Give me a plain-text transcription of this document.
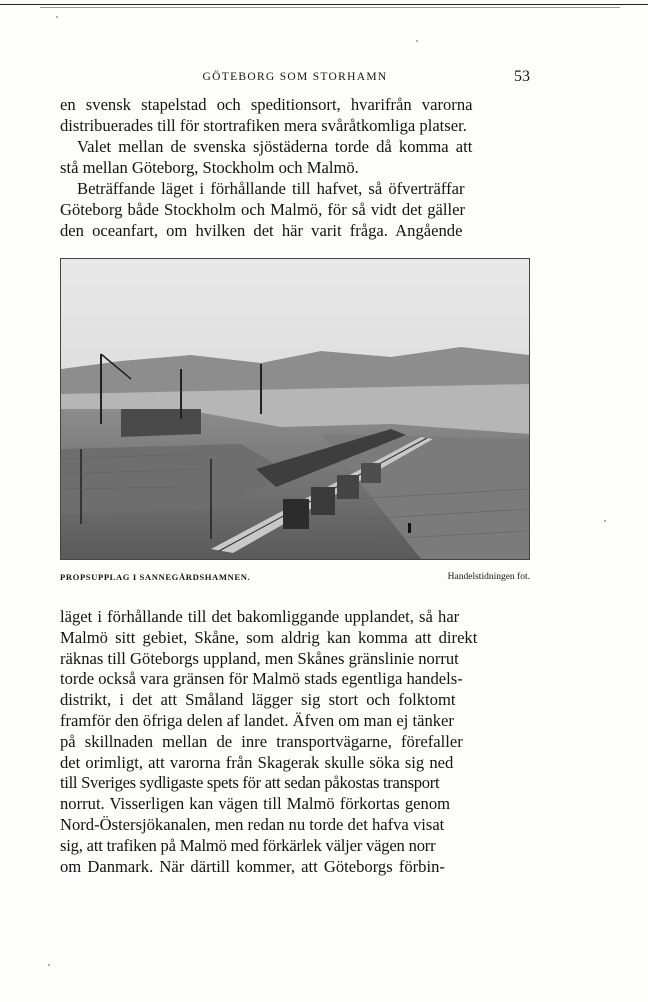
GÖTEBORG SOM STORHAMN	53

en svensk stapelstad och speditionsort, hvarifrån varorna
distribuerades till för stortrafiken mera svåråtkomliga platser.

Valet mellan de svenska sjöstäderna torde då komma att
stå mellan Göteborg, Stockholm och Malmö.

Beträffande läget i förhållande till hafvet, så öfverträffar
Göteborg både Stockholm och Malmö, för så vidt det gäller
den oceanfart, om hvilken det här varit fråga. Angående

PROPSUPPLAG I SANNEGÅRDSHAMNEN.	Handelstidningen fot.

läget i förhållande till det bakomliggande upplandet, så har
Malmö sitt gebiet, Skåne, som aldrig kan komma att direkt
räknas till Göteborgs uppland, men Skånes gränslinie norrut
torde också vara gränsen för Malmö stads egentliga handels-
distrikt, i det att Småland lägger sig stort och folktomt
framför den öfriga delen af landet. Äfven om man ej tänker
på skillnaden mellan de inre transportvägarne, förefaller
det orimligt, att varorna från Skagerak skulle söka sig ned
till Sveriges sydligaste spets för att sedan påkostas transport
norrut. Visserligen kan vägen till Malmö förkortas genom
Nord-Östersjökanalen, men redan nu torde det hafva visat
sig, att trafiken på Malmö med förkärlek väljer vägen norr
om Danmark. När därtill kommer, att Göteborgs förbin-
